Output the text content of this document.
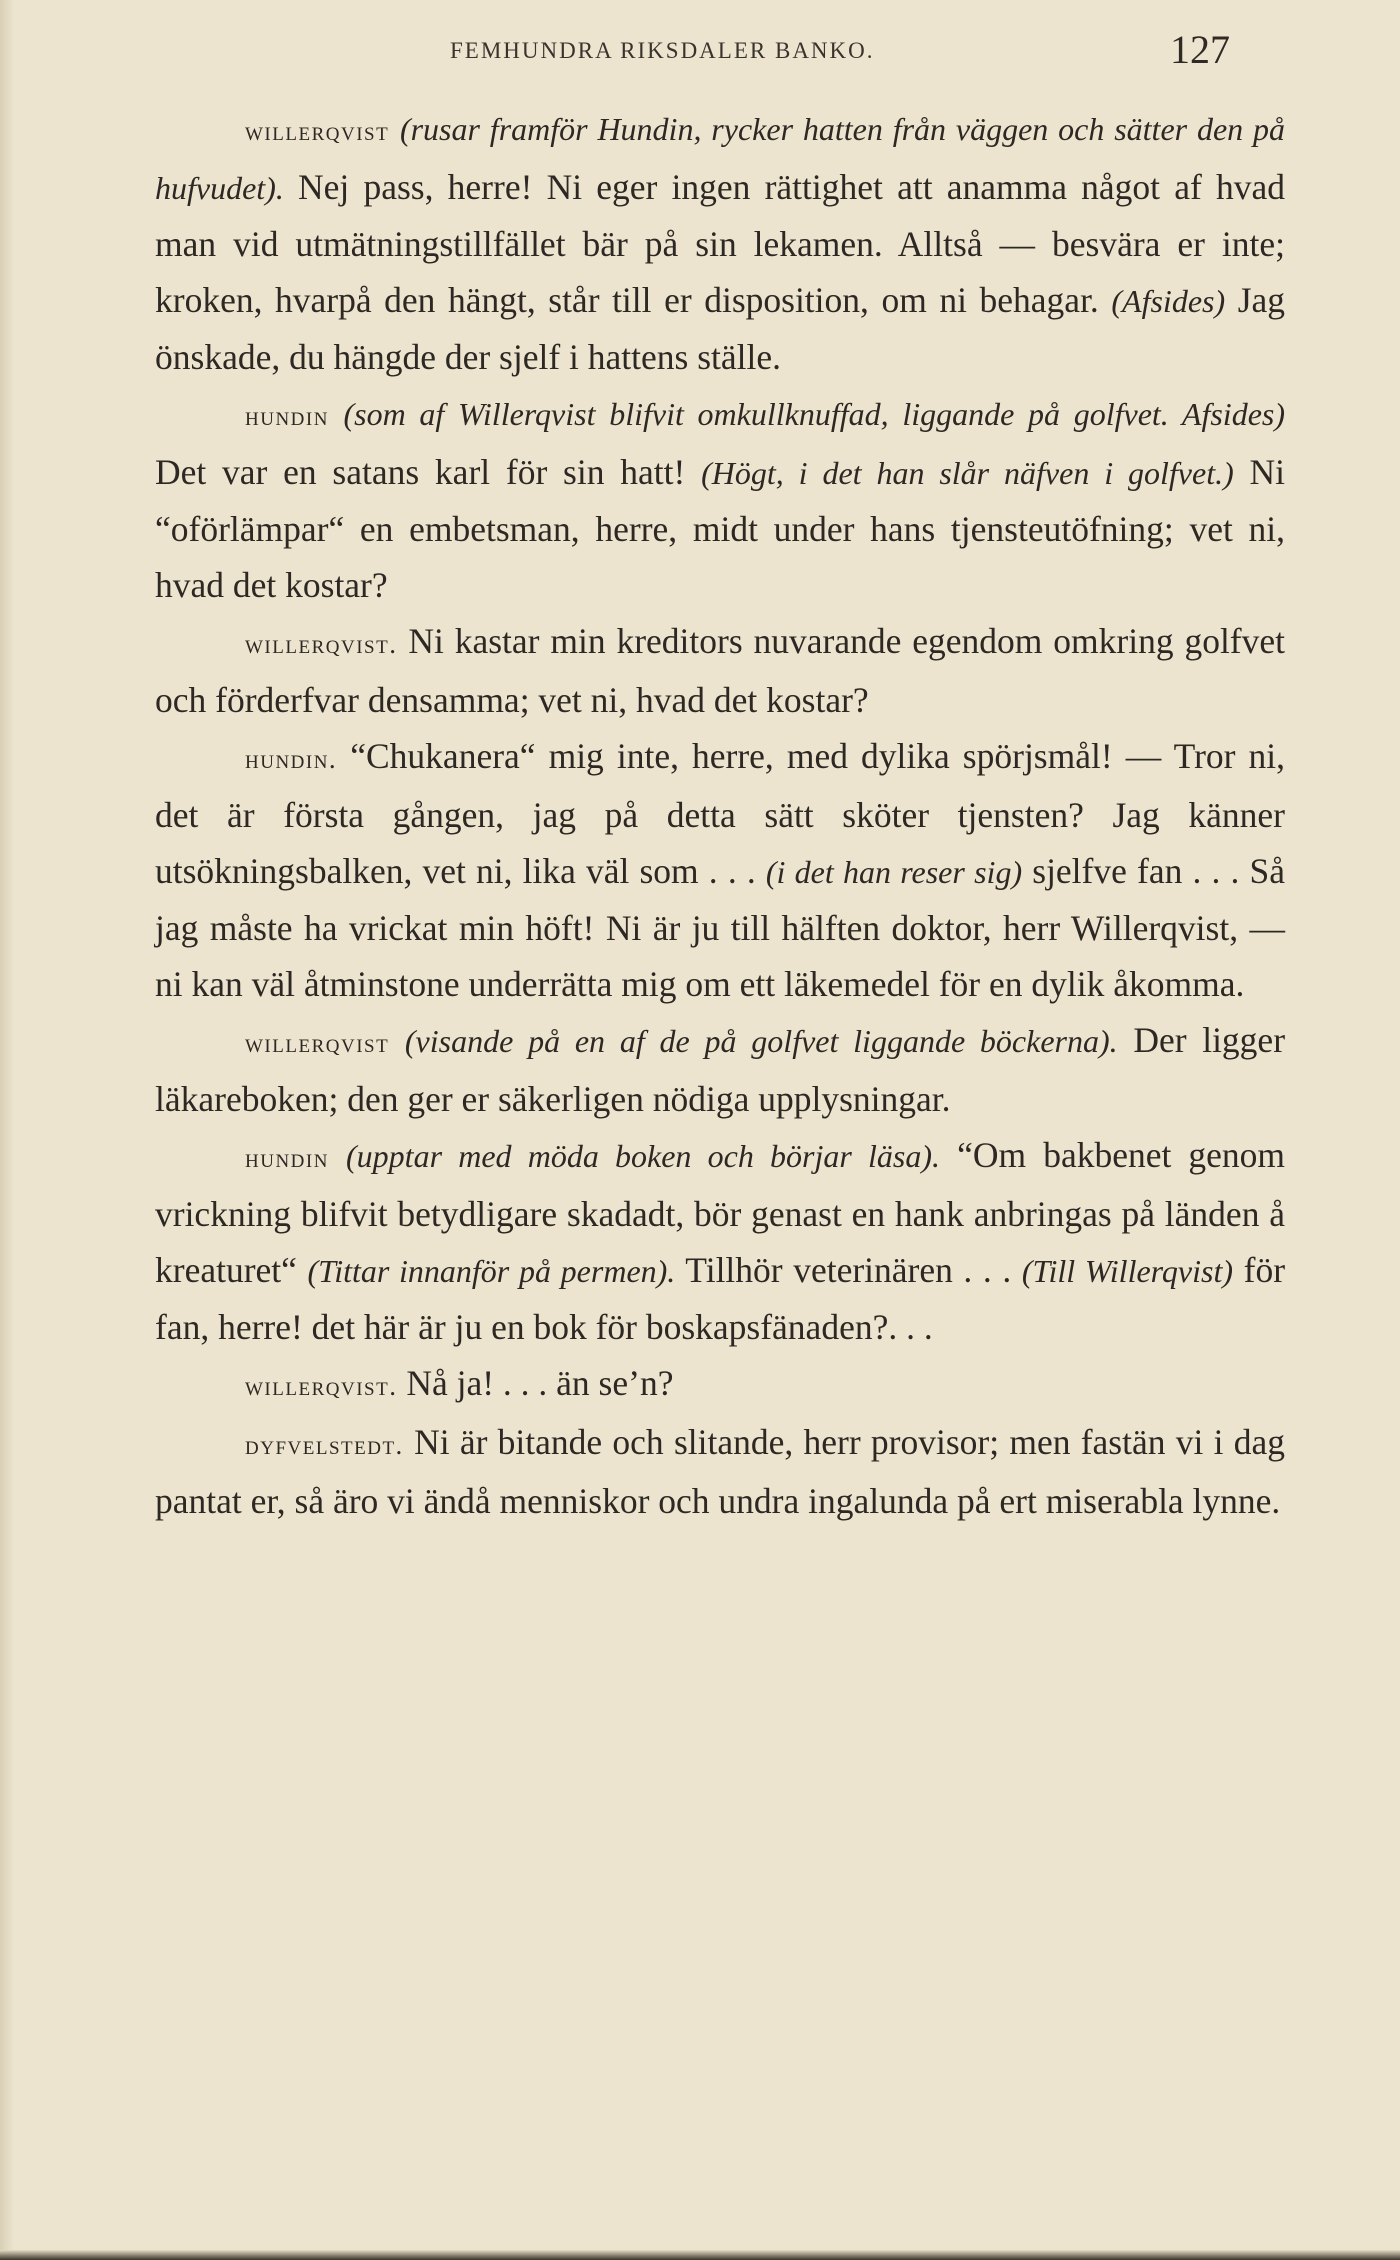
FEMHUNDRA RIKSDALER BANKO.	127

willerqvist (rusar framför Hundin, rycker hatten från väggen och sätter den på hufvudet). Nej pass, herre! Ni eger ingen rättighet att anamma något af hvad man vid utmätningstillfället bär på sin lekamen. Alltså — besvära er inte; kroken, hvarpå den hängt, står till er disposition, om ni behagar. (Afsides) Jag önskade, du hängde der sjelf i hattens ställe.

hundin (som af Willerqvist blifvit omkullknuffad, liggande på golfvet. Afsides) Det var en satans karl för sin hatt! (Högt, i det han slår näfven i golfvet.) Ni “oförlämpar“ en embetsman, herre, midt under hans tjensteutöfning; vet ni, hvad det kostar?

willerqvist. Ni kastar min kreditors nuvarande egendom omkring golfvet och förderfvar densamma; vet ni, hvad det kostar?

hundin. “Chukanera“ mig inte, herre, med dylika spörjsmål! — Tror ni, det är första gången, jag på detta sätt sköter tjensten? Jag känner utsökningsbalken, vet ni, lika väl som . . . (i det han reser sig) sjelfve fan . . . Så jag måste ha vrickat min höft! Ni är ju till hälften doktor, herr Willerqvist, — ni kan väl åtminstone underrätta mig om ett läkemedel för en dylik åkomma.

willerqvist (visande på en af de på golfvet liggande böckerna). Der ligger läkareboken; den ger er säkerligen nödiga upplysningar.

hundin (upptar med möda boken och börjar läsa). “Om bakbenet genom vrickning blifvit betydligare skadadt, bör genast en hank anbringas på länden å kreaturet“ (Tittar innanför på permen). Tillhör veterinären . . . (Till Willerqvist) för fan, herre! det här är ju en bok för boskapsfänaden?. . .

willerqvist. Nå ja! . . . än se’n?

dyfvelstedt. Ni är bitande och slitande, herr provisor; men fastän vi i dag pantat er, så äro vi ändå menniskor och undra ingalunda på ert miserabla lynne.
